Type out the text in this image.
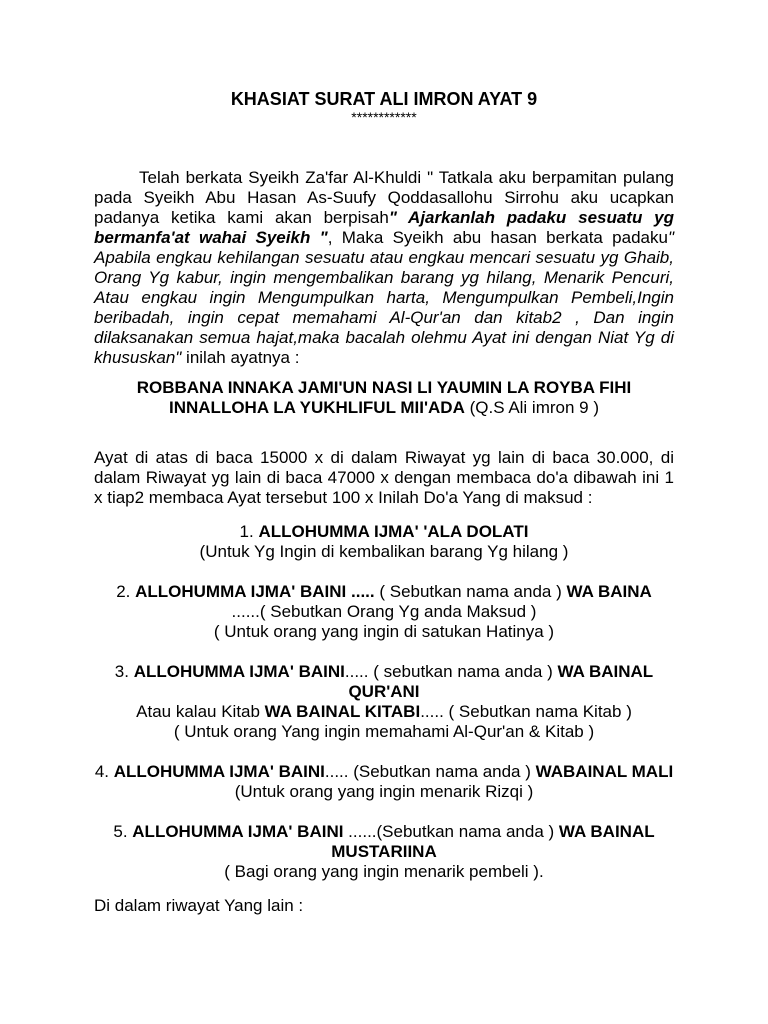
KHASIAT SURAT ALI IMRON AYAT 9

************

Telah berkata Syeikh Za'far Al-Khuldi " Tatkala aku berpamitan pulang pada Syeikh Abu Hasan As-Suufy Qoddasallohu Sirrohu aku ucapkan padanya ketika kami akan berpisah" Ajarkanlah padaku sesuatu yg bermanfa'at wahai Syeikh ", Maka Syeikh abu hasan berkata padaku" Apabila engkau kehilangan sesuatu atau engkau mencari sesuatu yg Ghaib, Orang Yg kabur, ingin mengembalikan barang yg hilang, Menarik Pencuri, Atau engkau ingin Mengumpulkan harta, Mengumpulkan Pembeli,Ingin beribadah, ingin cepat memahami Al-Qur'an dan kitab2 , Dan ingin dilaksanakan semua hajat,maka bacalah olehmu Ayat ini dengan Niat Yg di khususkan" inilah ayatnya :

ROBBANA INNAKA JAMI'UN NASI LI YAUMIN LA ROYBA FIHI INNALLOHA LA YUKHLIFUL MII'ADA (Q.S Ali imron 9 )

Ayat di atas di baca 15000 x di dalam Riwayat yg lain di baca 30.000, di dalam Riwayat yg lain di baca 47000 x dengan membaca do'a dibawah ini 1 x tiap2 membaca Ayat tersebut 100 x Inilah Do'a Yang di maksud :

1. ALLOHUMMA IJMA' 'ALA DOLATI

(Untuk Yg Ingin di kembalikan barang Yg hilang )

2. ALLOHUMMA IJMA' BAINI ..... ( Sebutkan nama anda ) WA BAINA

......( Sebutkan Orang Yg anda Maksud )

( Untuk orang yang ingin di satukan Hatinya )

3. ALLOHUMMA IJMA' BAINI..... ( sebutkan nama anda ) WA BAINAL QUR'ANI

Atau kalau Kitab WA BAINAL KITABI..... ( Sebutkan nama Kitab )

( Untuk orang Yang ingin memahami Al-Qur'an & Kitab )

4. ALLOHUMMA IJMA' BAINI..... (Sebutkan nama anda ) WABAINAL MALI

(Untuk orang yang ingin menarik Rizqi )

5. ALLOHUMMA IJMA' BAINI ......(Sebutkan nama anda ) WA BAINAL MUSTARIINA

( Bagi orang yang ingin menarik pembeli ).

Di dalam riwayat Yang lain :
